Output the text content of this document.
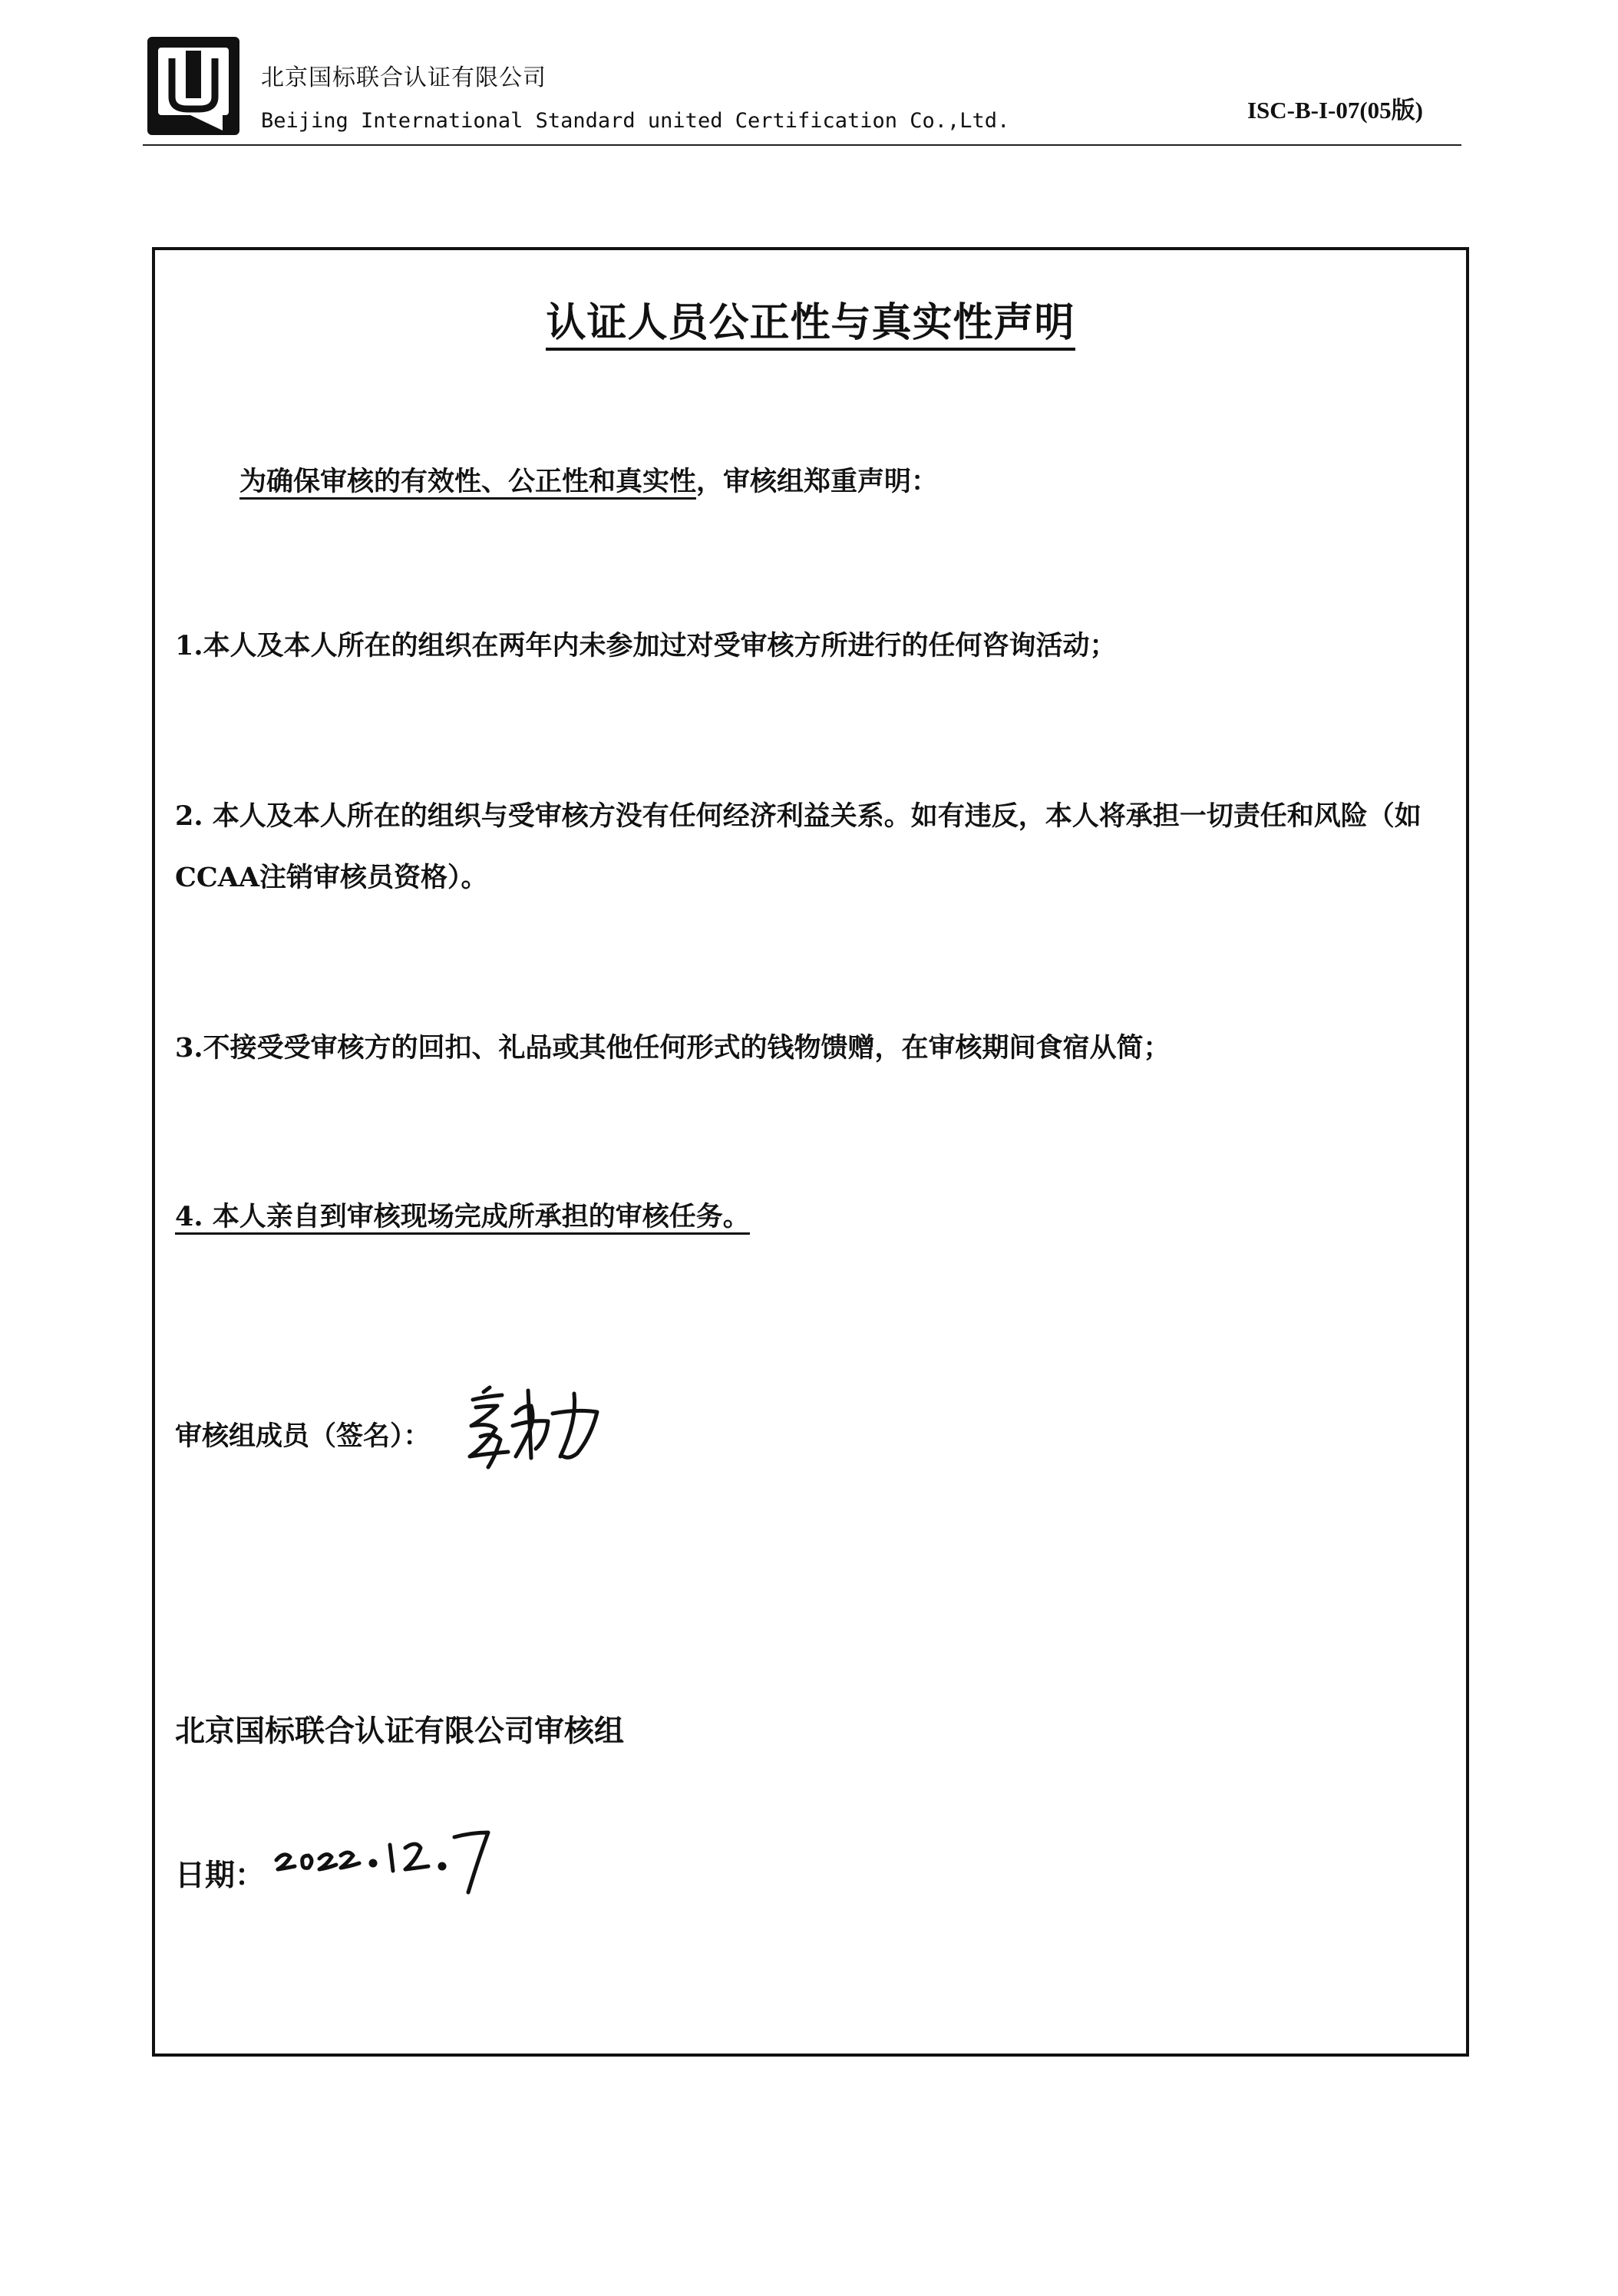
北京国标联合认证有限公司
Beijing International Standard united Certification Co.,Ltd.	ISC-B-I-07(05版)
认证人员公正性与真实性声明
为确保审核的有效性、公正性和真实性，审核组郑重声明：
1.本人及本人所在的组织在两年内未参加过对受审核方所进行的任何咨询活动；
2. 本人及本人所在的组织与受审核方没有任何经济利益关系。如有违反，本人将承担一切责任和风险（如CCAA注销审核员资格）。
3.不接受受审核方的回扣、礼品或其他任何形式的钱物馈赠，在审核期间食宿从简；
4. 本人亲自到审核现场完成所承担的审核任务。
审核组成员（签名）：
北京国标联合认证有限公司审核组
日期：
